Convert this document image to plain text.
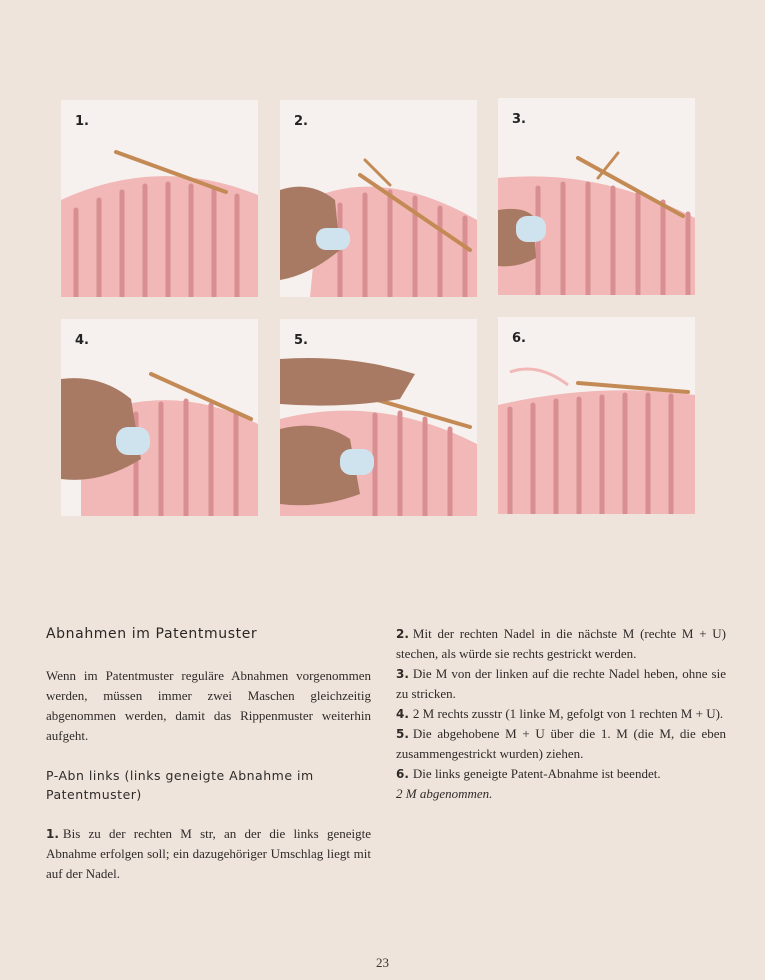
1.	2.	3.
4.	5.	6.
Abnahmen im Patentmuster
Wenn im Patentmuster reguläre Abnahmen vorgenommen werden, müssen immer zwei Maschen gleichzeitig abgenommen werden, damit das Rippenmuster weiterhin aufgeht.
P-Abn links (links geneigte Abnahme im Patentmuster)

1. Bis zu der rechten M str, an der die links geneigte Abnahme erfolgen soll; ein dazugehöriger Umschlag liegt mit auf der Nadel.

2. Mit der rechten Nadel in die nächste M (rechte M + U) stechen, als würde sie rechts gestrickt werden.

3. Die M von der linken auf die rechte Nadel heben, ohne sie zu stricken.

4. 2 M rechts zusstr (1 linke M, gefolgt von 1 rechten M + U).

5. Die abgehobene M + U über die 1. M (die M, die eben zusammengestrickt wurden) ziehen.

6. Die links geneigte Patent-Abnahme ist beendet.

2 M abgenommen.

23
